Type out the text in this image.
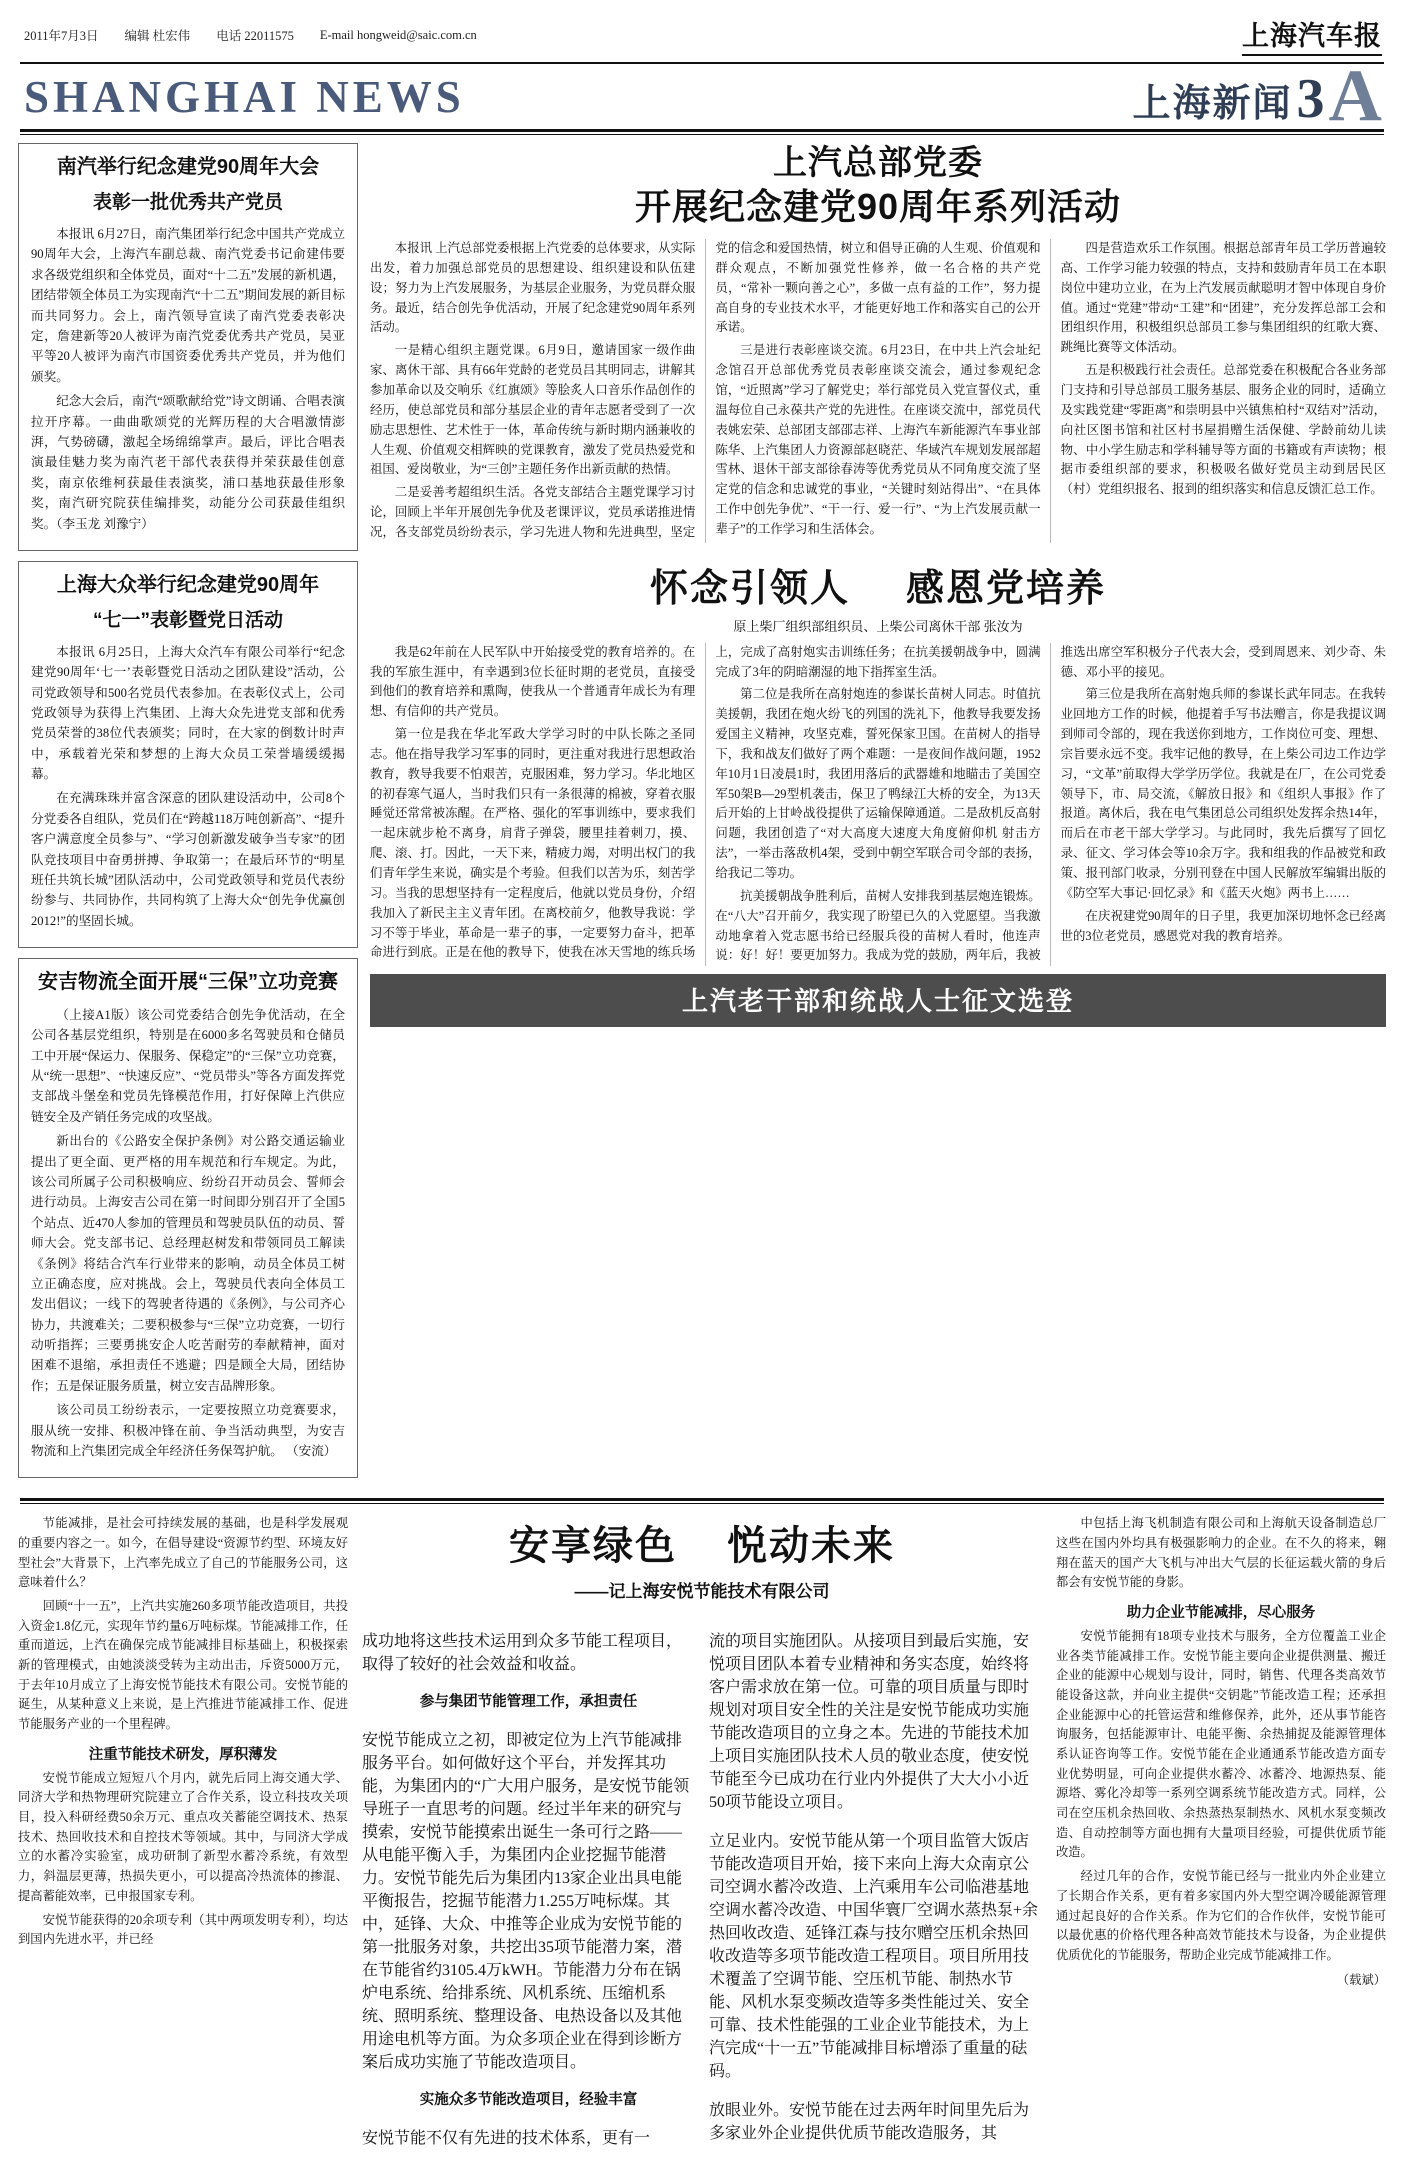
2011年7月3日 编辑 杜宏伟 电话 22011575 E-mail hongweid@saic.com.cn	上海汽车报
SHANGHAI NEWS	上海新闻 3 A
南汽举行纪念建党90周年大会
表彰一批优秀共产党员

本报讯 6月27日，南汽集团举行纪念中国共产党成立90周年大会，上海汽车副总裁、南汽党委书记俞建伟要求各级党组织和全体党员，面对“十二五”发展的新机遇，团结带领全体员工为实现南汽“十二五”期间发展的新目标而共同努力。会上，南汽领导宣读了南汽党委表彰决定，詹建新等20人被评为南汽党委优秀共产党员，吴亚平等20人被评为南汽市国资委优秀共产党员，并为他们颁奖。

纪念大会后，南汽“颂歌献给党”诗文朗诵、合唱表演拉开序幕。一曲曲歌颂党的光辉历程的大合唱激情澎湃，气势磅礴，激起全场绵绵掌声。最后，评比合唱表演最佳魅力奖为南汽老干部代表获得并荣获最佳创意奖，南京依维柯获最佳表演奖，浦口基地获最佳形象奖，南汽研究院获佳编排奖，动能分公司获最佳组织奖。（李玉龙 刘豫宁）

上海大众举行纪念建党90周年
“七一”表彰暨党日活动

本报讯 6月25日，上海大众汽车有限公司举行“纪念建党90周年‘七一’表彰暨党日活动之团队建设”活动，公司党政领导和500名党员代表参加。在表彰仪式上，公司党政领导为获得上汽集团、上海大众先进党支部和优秀党员荣誉的38位代表颁奖；同时，在大家的倒数计时声中，承载着光荣和梦想的上海大众员工荣誉墙缓缓揭幕。

在充满珠珠并富含深意的团队建设活动中，公司8个分党委各自组队，党员们在“跨越118万吨创新高”、“提升客户满意度全员参与”、“学习创新激发破争当专家”的团队竞技项目中奋勇拼搏、争取第一；在最后环节的“明星班任共筑长城”团队活动中，公司党政领导和党员代表纷纷参与、共同协作，共同构筑了上海大众“创先争优赢创2012!”的坚固长城。

安吉物流全面开展“三保”立功竞赛

（上接A1版）该公司党委结合创先争优活动，在全公司各基层党组织，特别是在6000多名驾驶员和仓储员工中开展“保运力、保服务、保稳定”的“三保”立功竞赛，从“统一思想”、“快速反应”、“党员带头”等各方面发挥党支部战斗堡垒和党员先锋模范作用，打好保障上汽供应链安全及产销任务完成的攻坚战。

新出台的《公路安全保护条例》对公路交通运输业提出了更全面、更严格的用车规范和行车规定。为此，该公司所属子公司积极响应、纷纷召开动员会、誓师会进行动员。上海安吉公司在第一时间即分别召开了全国5个站点、近470人参加的管理员和驾驶员队伍的动员、誓师大会。党支部书记、总经理赵树发和带领同员工解读《条例》将结合汽车行业带来的影响，动员全体员工树立正确态度，应对挑战。会上，驾驶员代表向全体员工发出倡议；一线下的驾驶者待遇的《条例》，与公司齐心协力，共渡难关；二要积极参与“三保”立功竞赛，一切行动听指挥；三要勇挑安企人吃苦耐劳的奉献精神，面对困难不退缩，承担责任不逃避；四是顾全大局，团结协作；五是保证服务质量，树立安吉品牌形象。

该公司员工纷纷表示，一定要按照立功竞赛要求，服从统一安排、积极冲锋在前、争当活动典型，为安吉物流和上汽集团完成全年经济任务保驾护航。 （安流）

上汽总部党委
开展纪念建党90周年系列活动

本报讯 上汽总部党委根据上汽党委的总体要求，从实际出发，着力加强总部党员的思想建设、组织建设和队伍建设；努力为上汽发展服务，为基层企业服务，为党员群众服务。最近，结合创先争优活动，开展了纪念建党90周年系列活动。

一是精心组织主题党课。6月9日，邀请国家一级作曲家、离休干部、具有66年党龄的老党员吕其明同志，讲解其参加革命以及交响乐《红旗颂》等脍炙人口音乐作品创作的经历，使总部党员和部分基层企业的青年志愿者受到了一次励志思想性、艺术性于一体，革命传统与新时期内涵兼收的人生观、价值观交相辉映的党课教育，激发了党员热爱党和祖国、爱岗敬业，为“三创”主题任务作出新贡献的热情。

二是妥善考超组织生活。各党支部结合主题党课学习讨论，回顾上半年开展创先争优及老课评议，党员承诺推进情况，各支部党员纷纷表示，学习先进人物和先进典型，坚定党的信念和爱国热情，树立和倡导正确的人生观、价值观和群众观点，不断加强党性修养，做一名合格的共产党员，“常补一颗向善之心”，多做一点有益的工作”，努力提高自身的专业技术水平，才能更好地工作和落实自己的公开承诺。

三是进行表彰座谈交流。6月23日，在中共上汽会址纪念馆召开总部优秀党员表彰座谈交流会，通过参观纪念馆，“近照离”学习了解党史；举行部党员入党宣誓仪式，重温每位自己永葆共产党的先进性。在座谈交流中，部党员代表姚宏荣、总部团支部邵志祥、上海汽车新能源汽车事业部陈华、上汽集团人力资源部赵晓茫、华域汽车规划发展部超雪林、退休干部支部徐春涛等优秀党员从不同角度交流了坚定党的信念和忠诚党的事业，“关键时刻站得出”、“在具体工作中创先争优”、“干一行、爱一行”、“为上汽发展贡献一辈子”的工作学习和生活体会。

四是营造欢乐工作氛围。根据总部青年员工学历普遍较高、工作学习能力较强的特点，支持和鼓励青年员工在本职岗位中建功立业，在为上汽发展贡献聪明才智中体现自身价值。通过“党建”带动“工建”和“团建”，充分发挥总部工会和团组织作用，积极组织总部员工参与集团组织的红歌大赛、跳绳比赛等文体活动。

五是积极践行社会责任。总部党委在积极配合各业务部门支持和引导总部员工服务基层、服务企业的同时，适确立及实践党建“零距离”和崇明县中兴镇焦柏村“双结对”活动，向社区图书馆和社区村书屋捐赠生活保健、学龄前幼儿读物、中小学生励志和学科辅导等方面的书籍或有声读物；根据市委组织部的要求，积极吸名做好党员主动到居民区（村）党组织报名、报到的组织落实和信息反馈汇总工作。

怀念引领人 感恩党培养
原上柴厂组织部组织员、上柴公司离休干部 张汝为

我是62年前在人民军队中开始接受党的教育培养的。在我的军旅生涯中，有幸遇到3位长征时期的老党员，直接受到他们的教育培养和熏陶，使我从一个普通青年成长为有理想、有信仰的共产党员。

第一位是我在华北军政大学学习时的中队长陈之圣同志。他在指导我学习军事的同时，更注重对我进行思想政治教育，教导我要不怕艰苦，克服困难，努力学习。华北地区的初春寒气逼人，当时我们只有一条很薄的棉被，穿着衣服睡觉还常常被冻醒。在严格、强化的军事训练中，要求我们一起床就步枪不离身，肩背子弹袋，腰里挂着刺刀，摸、爬、滚、打。因此，一天下来，精疲力竭，对明出权门的我们青年学生来说，确实是个考验。但我们以苦为乐，刻苦学习。当我的思想坚持有一定程度后，他就以党员身份，介绍我加入了新民主主义青年团。在离校前夕，他教导我说：学习不等于毕业，革命是一辈子的事，一定要努力奋斗，把革命进行到底。正是在他的教导下，使我在冰天雪地的练兵场上，完成了高射炮实击训练任务；在抗美援朝战争中，圆满完成了3年的阴暗潮湿的地下指挥室生活。

第二位是我所在高射炮连的参谋长苗树人同志。时值抗美援朝，我团在炮火纷飞的列国的洗礼下，他教导我要发扬爱国主义精神，攻坚克难，誓死保家卫国。在苗树人的指导下，我和战友们做好了两个难题：一是夜间作战问题，1952年10月1日凌晨1时，我团用落后的武器雄和地瞄击了美国空军50架B—29型机袭击，保卫了鸭绿江大桥的安全，为13天后开始的上甘岭战役提供了运输保障通道。二是敌机反高射问题，我团创造了“对大高度大速度大角度俯仰机 射击方法”，一举击落敌机4架，受到中朝空军联合司令部的表扬，给我记二等功。

抗美援朝战争胜利后，苗树人安排我到基层炮连锻炼。在“八大”召开前夕，我实现了盼望已久的入党愿望。当我激动地拿着入党志愿书给已经服兵役的苗树人看时，他连声说：好！好！要更加努力。我成为党的鼓励，两年后，我被推选出席空军积极分子代表大会，受到周恩来、刘少奇、朱德、邓小平的接见。

第三位是我所在高射炮兵师的参谋长武年同志。在我转业回地方工作的时候，他提着手写书法赠言，你是我提议调到师司令部的，现在我送你到地方，工作岗位可变、理想、宗旨要永远不变。我牢记他的教导，在上柴公司边工作边学习，“文革”前取得大学学历学位。我就是在厂，在公司党委领导下，市、局交流，《解放日报》和《组织人事报》作了报道。离休后，我在电气集团总公司组织处发挥余热14年，而后在市老干部大学学习。与此同时，我先后撰写了回忆录、征文、学习体会等10余万字。我和组我的作品被党和政策、报刊部门收录，分别刊登在中国人民解放军编辑出版的《防空军大事记·回忆录》和《蓝天火炮》两书上……

在庆祝建党90周年的日子里，我更加深切地怀念已经离世的3位老党员，感恩党对我的教育培养。

上汽老干部和统战人士征文选登

节能减排，是社会可持续发展的基础，也是科学发展观的重要内容之一。如今，在倡导建设“资源节约型、环境友好型社会”大背景下，上汽率先成立了自己的节能服务公司，这意味着什么？

回顾“十一五”，上汽共实施260多项节能改造项目，共投入资金1.8亿元，实现年节约量6万吨标煤。节能减排工作，任重而道远，上汽在确保完成节能减排目标基础上，积极探索新的管理模式，由她淡淡受转为主动出击，斥资5000万元，于去年10月成立了上海安悦节能技术有限公司。安悦节能的诞生，从某种意义上来说，是上汽推进节能减排工作、促进节能服务产业的一个里程碑。

注重节能技术研发，厚积薄发

安悦节能成立短短八个月内，就先后同上海交通大学、同济大学和热物理研究院建立了合作关系，设立科技攻关项目，投入科研经费50余万元、重点攻关蓄能空调技术、热泵技术、热回收技术和自控技术等领域。其中，与同济大学成立的水蓄冷实验室，成功研制了新型水蓄冷系统，有效型力，斜温层更薄，热损失更小，可以提高冷热流体的掺混、提高蓄能效率，已申报国家专利。

安悦节能获得的20余项专利（其中两项发明专利），均达到国内先进水平，并已经

安享绿色 悦动未来
——记上海安悦节能技术有限公司

成功地将这些技术运用到众多节能工程项目，取得了较好的社会效益和收益。

参与集团节能管理工作，承担责任

安悦节能成立之初，即被定位为上汽节能减排服务平台。如何做好这个平台，并发挥其功能，为集团内的“广大用户服务，是安悦节能领导班子一直思考的问题。经过半年来的研究与摸索，安悦节能摸索出诞生一条可行之路——从电能平衡入手，为集团内企业挖掘节能潜力。安悦节能先后为集团内13家企业出具电能平衡报告，挖掘节能潜力1.255万吨标煤。其中，延锋、大众、中推等企业成为安悦节能的第一批服务对象，共挖出35项节能潜力案，潜在节能省约3105.4万kWH。节能潜力分布在锅炉电系统、给排系统、风机系统、压缩机系统、照明系统、整理设备、电热设备以及其他用途电机等方面。为众多项企业在得到诊断方案后成功实施了节能改造项目。

实施众多节能改造项目，经验丰富

安悦节能不仅有先进的技术体系，更有一

流的项目实施团队。从接项目到最后实施，安悦项目团队本着专业精神和务实态度，始终将客户需求放在第一位。可靠的项目质量与即时规划对项目安全性的关注是安悦节能成功实施节能改造项目的立身之本。先进的节能技术加上项目实施团队技术人员的敬业态度，使安悦节能至今已成功在行业内外提供了大大小小近50项节能设立项目。

立足业内。安悦节能从第一个项目监管大饭店节能改造项目开始，接下来向上海大众南京公司空调水蓄冷改造、上汽乘用车公司临港基地空调水蓄冷改造、中国华寰厂空调水蒸热泵+余热回收改造、延锋江森与技尔赠空压机余热回收改造等多项节能改造工程项目。项目所用技术覆盖了空调节能、空压机节能、制热水节能、风机水泵变频改造等多类性能过关、安全可靠、技术性能强的工业企业节能技术，为上汽完成“十一五”节能减排目标增添了重量的砝码。

放眼业外。安悦节能在过去两年时间里先后为多家业外企业提供优质节能改造服务，其

中包括上海飞机制造有限公司和上海航天设备制造总厂这些在国内外均具有极强影响力的企业。在不久的将来，翱翔在蓝天的国产大飞机与冲出大气层的长征运载火箭的身后都会有安悦节能的身影。

助力企业节能减排，尽心服务

安悦节能拥有18项专业技术与服务，全方位覆盖工业企业各类节能减排工作。安悦节能主要向企业提供测量、搬迁企业的能源中心规划与设计，同时，销售、代理各类高效节能设备这款，并向业主提供“交钥匙”节能改造工程；还承担企业能源中心的托管运营和维修保养，此外，还从事节能咨询服务，包括能源审计、电能平衡、余热捕捉及能源管理体系认证咨询等工作。安悦节能在企业通通系节能改造方面专业优势明显，可向企业提供水蓄冷、冰蓄冷、地源热泵、能源塔、雾化冷却等一系列空调系统节能改造方式。同样，公司在空压机余热回收、余热蒸热泵制热水、风机水泵变频改造、自动控制等方面也拥有大量项目经验，可提供优质节能改造。

经过几年的合作，安悦节能已经与一批业内外企业建立了长期合作关系，更有着多家国内外大型空调冷暖能源管理通过起良好的合作关系。作为它们的合作伙伴，安悦节能可以最优惠的价格代理各种高效节能技术与设备，为企业提供优质优化的节能服务，帮助企业完成节能减排工作。

（载斌）
